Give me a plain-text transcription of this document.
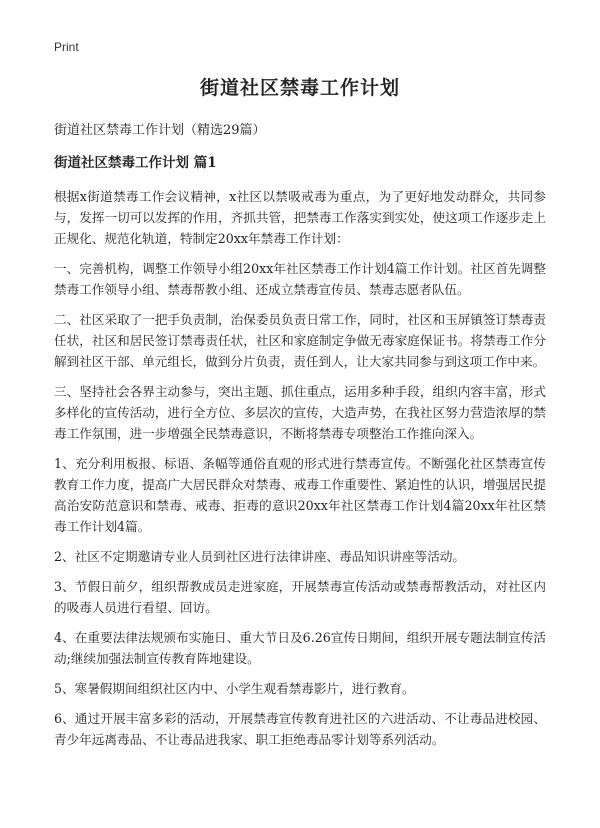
Print
街道社区禁毒工作计划
街道社区禁毒工作计划（精选29篇）
街道社区禁毒工作计划 篇1

根据x街道禁毒工作会议精神，x社区以禁吸戒毒为重点，为了更好地发动群众，共同参与，发挥一切可以发挥的作用，齐抓共管，把禁毒工作落实到实处，使这项工作逐步走上正规化、规范化轨道，特制定20xx年禁毒工作计划：

一、完善机构，调整工作领导小组20xx年社区禁毒工作计划4篇工作计划。社区首先调整禁毒工作领导小组、禁毒帮教小组、还成立禁毒宣传员、禁毒志愿者队伍。

二、社区采取了一把手负责制，治保委员负责日常工作，同时，社区和玉屏镇签订禁毒责任状，社区和居民签订禁毒责任状，社区和家庭制定争做无毒家庭保证书。将禁毒工作分解到社区干部、单元组长，做到分片负责，责任到人，让大家共同参与到这项工作中来。

三、坚持社会各界主动参与，突出主题、抓住重点，运用多种手段，组织内容丰富，形式多样化的宣传活动，进行全方位、多层次的宣传，大造声势，在我社区努力营造浓厚的禁毒工作氛围，进一步增强全民禁毒意识，不断将禁毒专项整治工作推向深入。

1、充分利用板报、标语、条幅等通俗直观的形式进行禁毒宣传。不断强化社区禁毒宣传教育工作力度，提高广大居民群众对禁毒、戒毒工作重要性、紧迫性的认识，增强居民提高治安防范意识和禁毒、戒毒、拒毒的意识20xx年社区禁毒工作计划4篇20xx年社区禁毒工作计划4篇。

2、社区不定期邀请专业人员到社区进行法律讲座、毒品知识讲座等活动。

3、节假日前夕，组织帮教成员走进家庭，开展禁毒宣传活动或禁毒帮教活动，对社区内的吸毒人员进行看望、回访。

4、在重要法律法规颁布实施日、重大节日及6.26宣传日期间，组织开展专题法制宣传活动;继续加强法制宣传教育阵地建设。

5、寒暑假期间组织社区内中、小学生观看禁毒影片，进行教育。

6、通过开展丰富多彩的活动，开展禁毒宣传教育进社区的六进活动、不让毒品进校园、青少年远离毒品、不让毒品进我家、职工拒绝毒品零计划等系列活动。
